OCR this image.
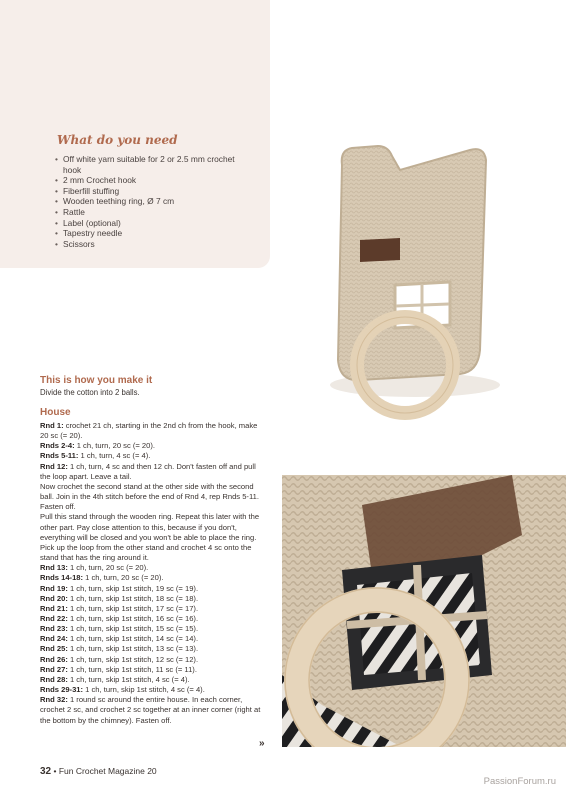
What do you need
• Off white yarn suitable for 2 or 2.5 mm crochet hook
• 2 mm Crochet hook
• Fiberfill stuffing
• Wooden teething ring, Ø 7 cm
• Rattle
• Label (optional)
• Tapestry needle
• Scissors
This is how you make it

Divide the cotton into 2 balls.

House

Rnd 1: crochet 21 ch, starting in the 2nd ch from the hook, make 20 sc (= 20).

Rnds 2-4: 1 ch, turn, 20 sc (= 20).

Rnds 5-11: 1 ch, turn, 4 sc (= 4).

Rnd 12: 1 ch, turn, 4 sc and then 12 ch. Don't fasten off and pull the loop apart. Leave a tail.

Now crochet the second stand at the other side with the second ball. Join in the 4th stitch before the end of Rnd 4, rep Rnds 5-11. Fasten off.

Pull this stand through the wooden ring. Repeat this later with the other part. Pay close attention to this, because if you don't, everything will be closed and you won't be able to place the ring. Pick up the loop from the other stand and crochet 4 sc onto the stand that has the ring around it.

Rnd 13: 1 ch, turn, 20 sc (= 20).

Rnds 14-18: 1 ch, turn, 20 sc (= 20).

Rnd 19: 1 ch, turn, skip 1st stitch, 19 sc (= 19).

Rnd 20: 1 ch, turn, skip 1st stitch, 18 sc (= 18).

Rnd 21: 1 ch, turn, skip 1st stitch, 17 sc (= 17).

Rnd 22: 1 ch, turn, skip 1st stitch, 16 sc (= 16).

Rnd 23: 1 ch, turn, skip 1st stitch, 15 sc (= 15).

Rnd 24: 1 ch, turn, skip 1st stitch, 14 sc (= 14).

Rnd 25: 1 ch, turn, skip 1st stitch, 13 sc (= 13).

Rnd 26: 1 ch, turn, skip 1st stitch, 12 sc (= 12).

Rnd 27: 1 ch, turn, skip 1st stitch, 11 sc (= 11).

Rnd 28: 1 ch, turn, skip 1st stitch, 4 sc (= 4).

Rnds 29-31: 1 ch, turn, skip 1st stitch, 4 sc (= 4).

Rnd 32: 1 round sc around the entire house. In each corner, crochet 2 sc, and crochet 2 sc together at an inner corner (right at the bottom by the chimney). Fasten off.

»
32 • Fun Crochet Magazine 20
PassionForum.ru
